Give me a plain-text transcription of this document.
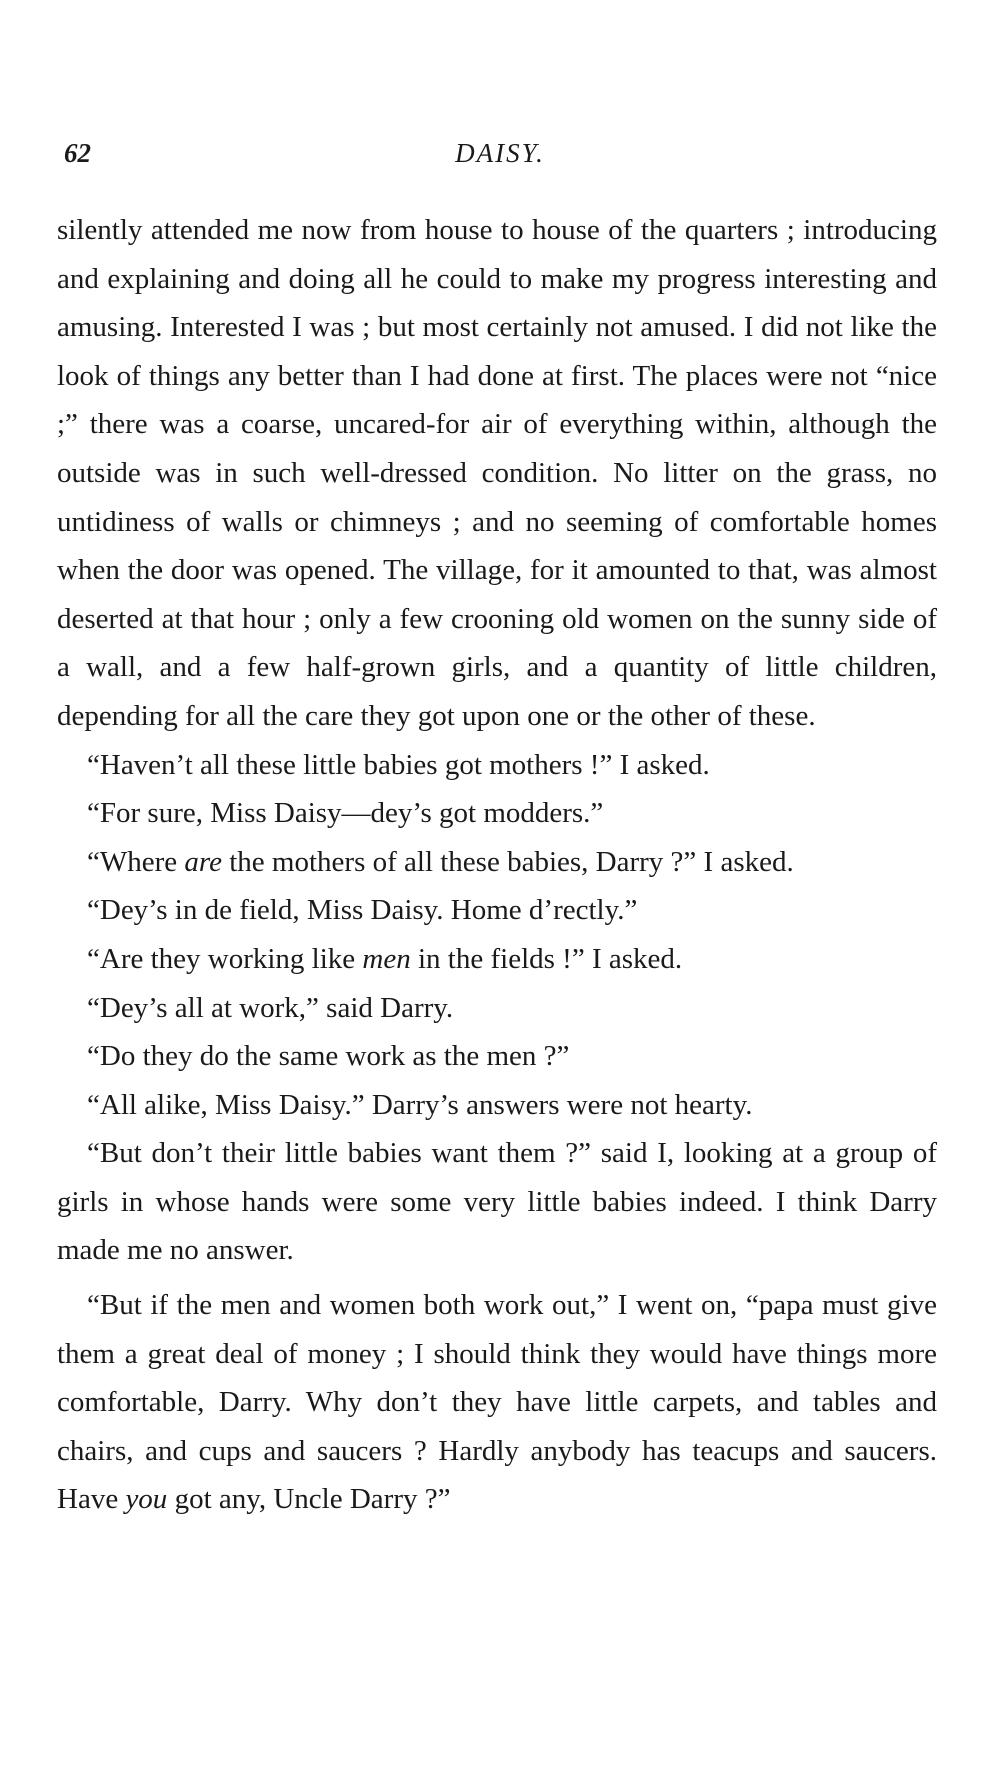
62	DAISY.

silently attended me now from house to house of the quarters ; introducing and explaining and doing all he could to make my progress interesting and amusing. Interested I was ; but most certainly not amused. I did not like the look of things any better than I had done at first. The places were not “nice ;” there was a coarse, uncared-for air of everything within, although the outside was in such well-dressed condition. No litter on the grass, no untidiness of walls or chimneys ; and no seeming of comfortable homes when the door was opened. The village, for it amounted to that, was almost deserted at that hour ; only a few crooning old women on the sunny side of a wall, and a few half-grown girls, and a quantity of little children, depending for all the care they got upon one or the other of these.

“Haven’t all these little babies got mothers !” I asked.

“For sure, Miss Daisy—dey’s got modders.”

“Where are the mothers of all these babies, Darry ?” I asked.

“Dey’s in de field, Miss Daisy. Home d’rectly.”

“Are they working like men in the fields !” I asked.

“Dey’s all at work,” said Darry.

“Do they do the same work as the men ?”

“All alike, Miss Daisy.” Darry’s answers were not hearty.

“But don’t their little babies want them ?” said I, looking at a group of girls in whose hands were some very little babies indeed. I think Darry made me no answer.

“But if the men and women both work out,” I went on, “papa must give them a great deal of money ; I should think they would have things more comfortable, Darry. Why don’t they have little carpets, and tables and chairs, and cups and saucers ? Hardly anybody has teacups and saucers. Have you got any, Uncle Darry ?”
